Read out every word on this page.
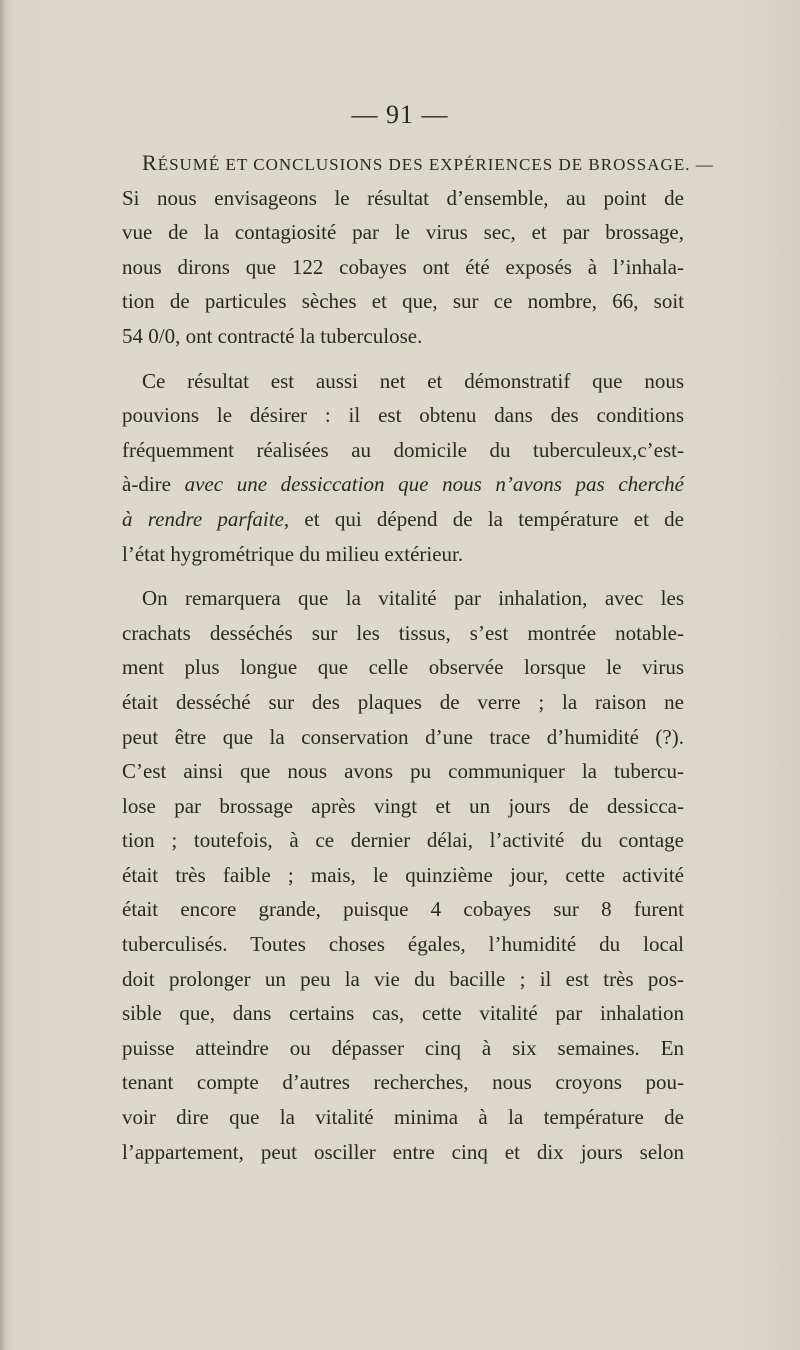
— 91 —
RÉSUMÉ ET CONCLUSIONS DES EXPÉRIENCES DE BROSSAGE. —
Si nous envisageons le résultat d’ensemble, au point de
vue de la contagiosité par le virus sec, et par brossage,
nous dirons que 122 cobayes ont été exposés à l’inhala-
tion de particules sèches et que, sur ce nombre, 66, soit
54 0/0, ont contracté la tuberculose.
Ce résultat est aussi net et démonstratif que nous
pouvions le désirer : il est obtenu dans des conditions
fréquemment réalisées au domicile du tuberculeux,c’est-
à-dire avec une dessiccation que nous n’avons pas cherché
à rendre parfaite, et qui dépend de la température et de
l’état hygrométrique du milieu extérieur.
On remarquera que la vitalité par inhalation, avec les
crachats desséchés sur les tissus, s’est montrée notable-
ment plus longue que celle observée lorsque le virus
était desséché sur des plaques de verre ; la raison ne
peut être que la conservation d’une trace d’humidité (?).
C’est ainsi que nous avons pu communiquer la tubercu-
lose par brossage après vingt et un jours de dessicca-
tion ; toutefois, à ce dernier délai, l’activité du contage
était très faible ; mais, le quinzième jour, cette activité
était encore grande, puisque 4 cobayes sur 8 furent
tuberculisés. Toutes choses égales, l’humidité du local
doit prolonger un peu la vie du bacille ; il est très pos-
sible que, dans certains cas, cette vitalité par inhalation
puisse atteindre ou dépasser cinq à six semaines. En
tenant compte d’autres recherches, nous croyons pou-
voir dire que la vitalité minima à la température de
l’appartement, peut osciller entre cinq et dix jours selon
